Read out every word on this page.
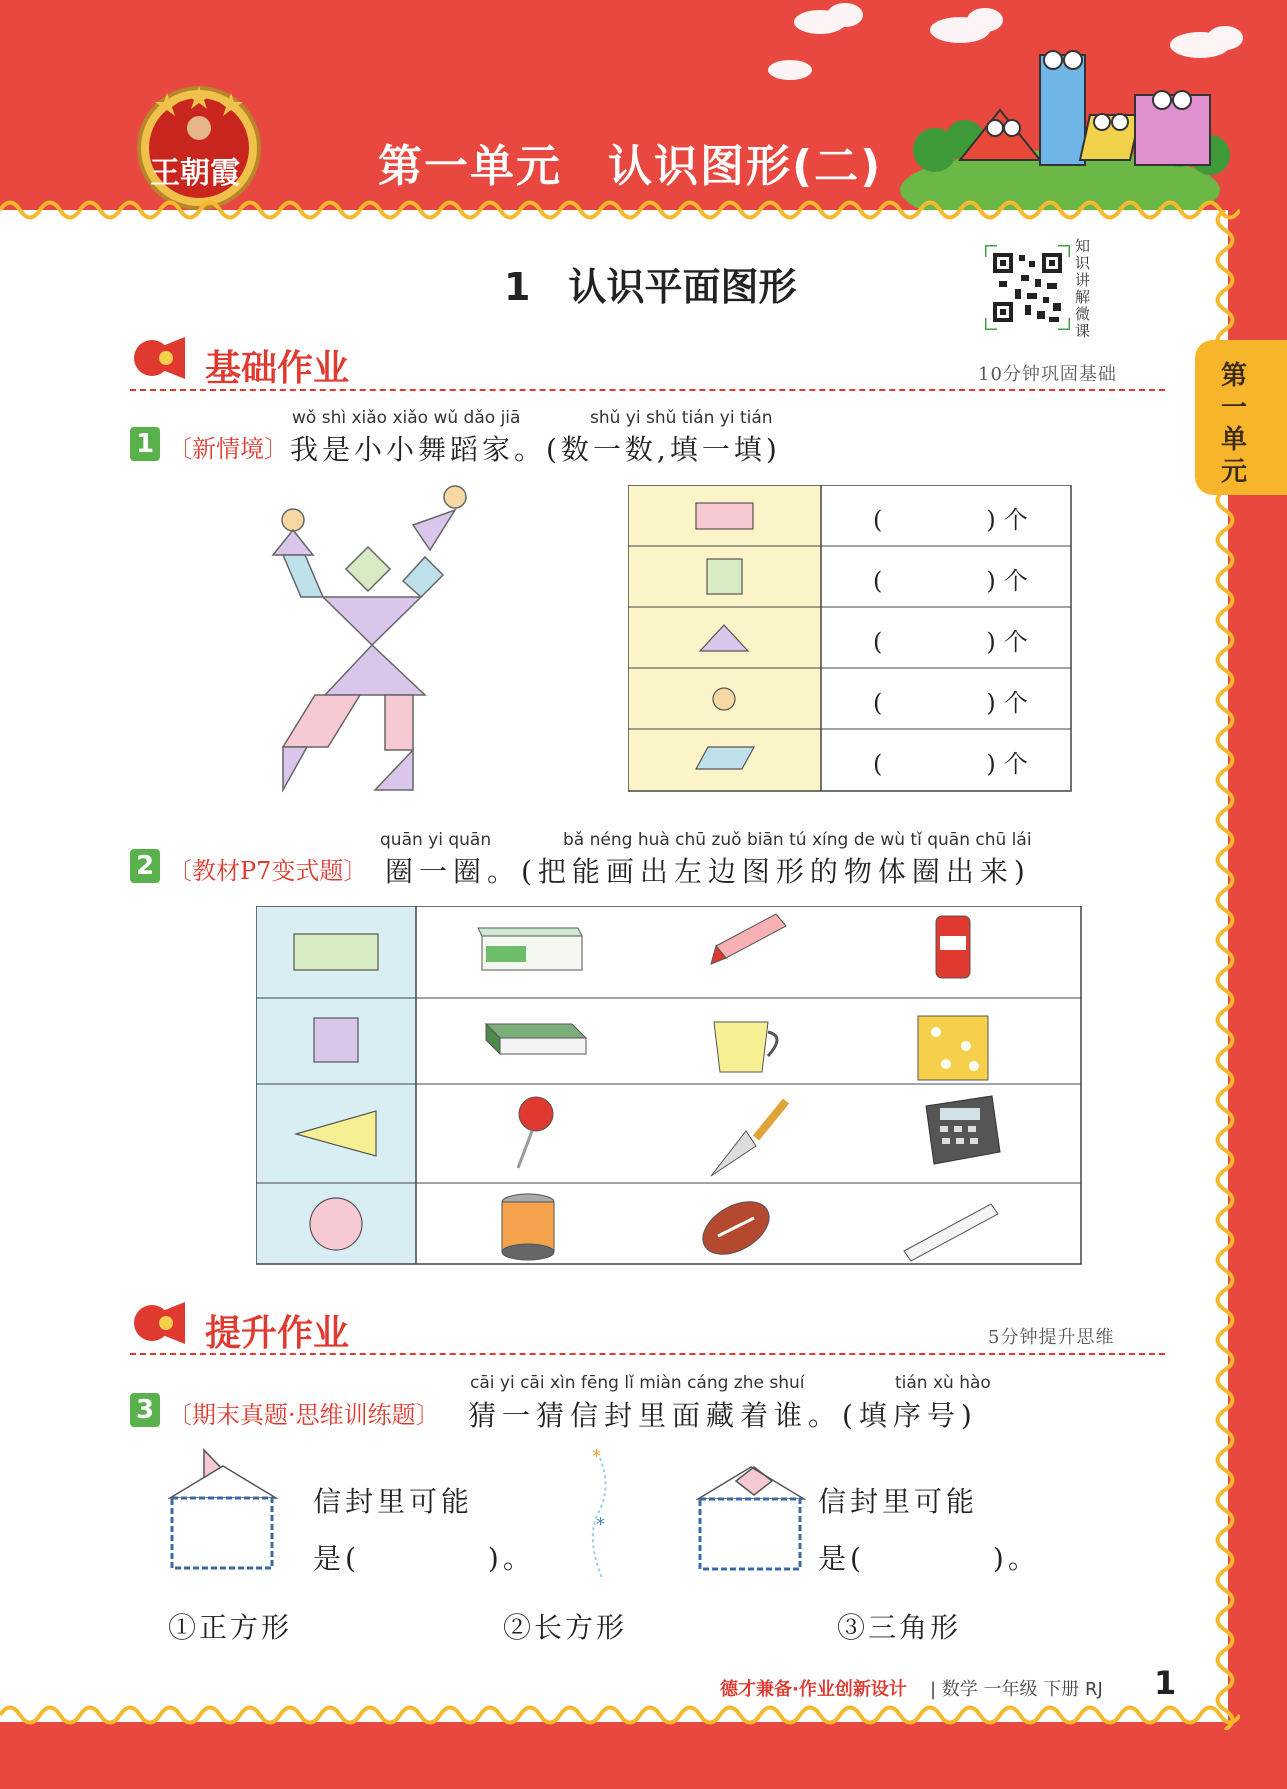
王朝霞	第一单元　认识图形(二)
第一单元
1　认识平面图形
知识讲解微课
基础作业	10分钟巩固基础
1 〔新情境〕
wǒ shì xiǎo xiǎo wǔ dǎo jiā	shǔ yi shǔ tián yi tián
我是小小舞蹈家。(数一数,填一填)
(　　　)个
(　　　)个
(　　　)个
(　　　)个
(　　　)个
2 〔教材P7变式题〕
quān yi quān	bǎ néng huà chū zuǒ biān tú xíng de wù tǐ quān chū lái
圈一圈。(把能画出左边图形的物体圈出来)
提升作业	5分钟提升思维
3 〔期末真题·思维训练题〕
cāi yi cāi xìn fēng lǐ miàn cáng zhe shuí	tián xù hào
猜一猜信封里面藏着谁。(填序号)
信封里可能
是(　　　　)。
*
*
信封里可能
是(　　　　)。
①正方形	②长方形	③三角形
德才兼备·作业创新设计 | 数学 一年级 下册 RJ 1
